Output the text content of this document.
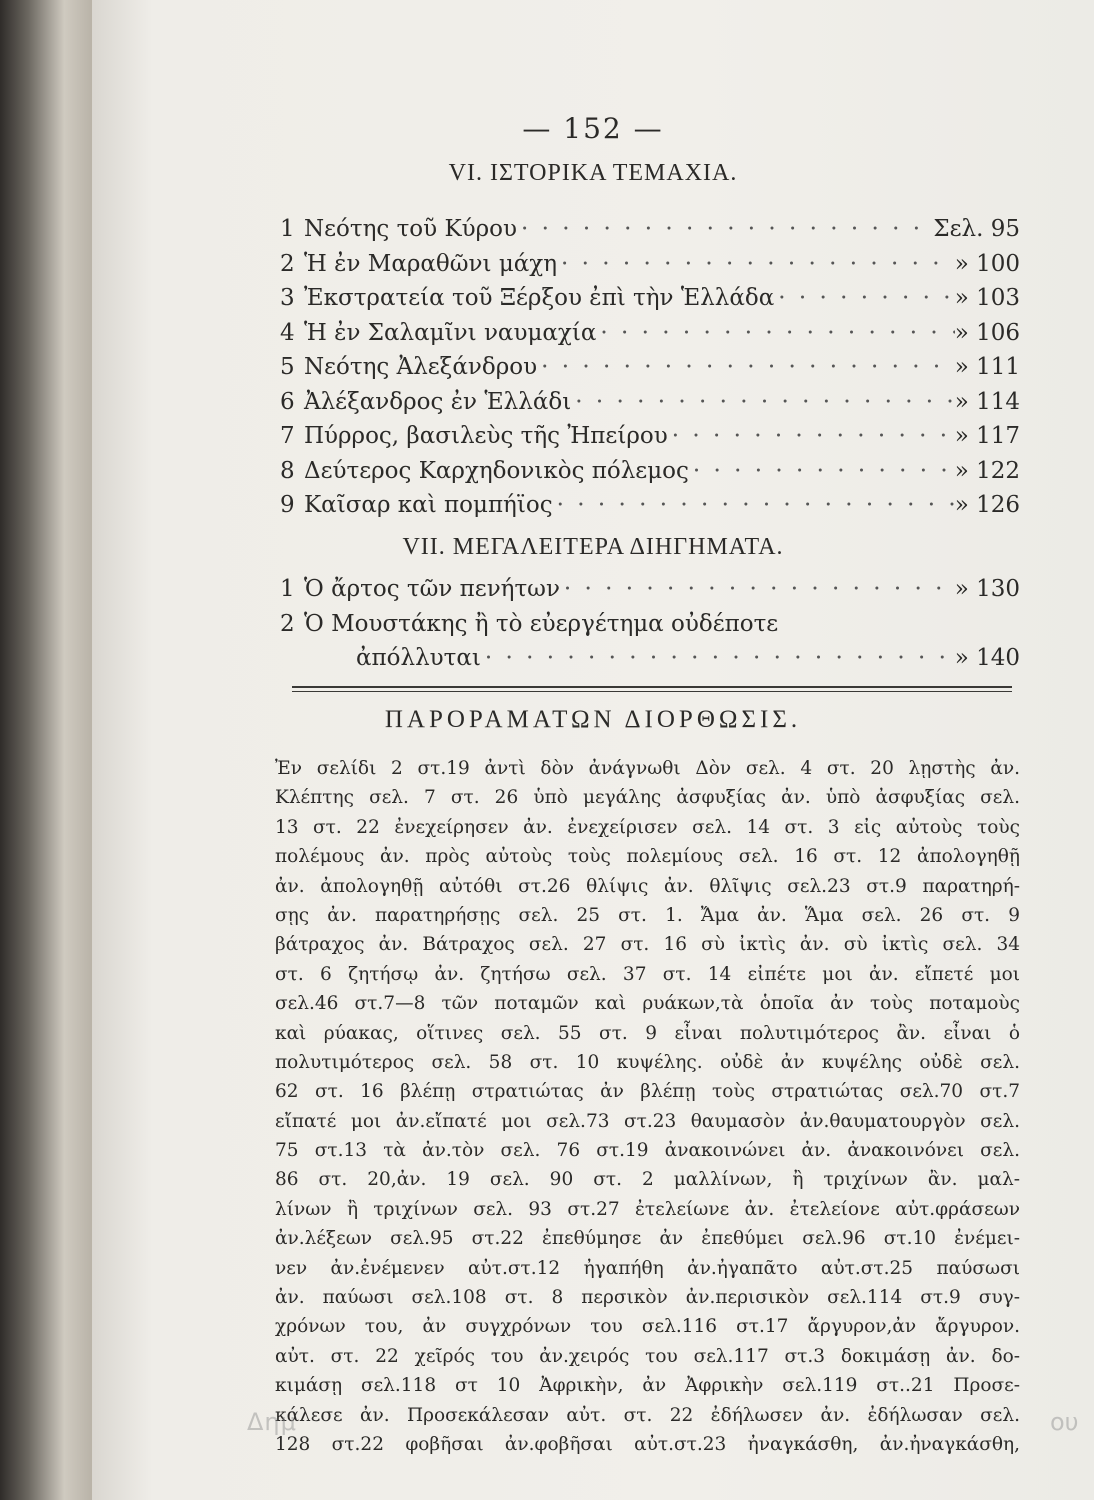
— 152 —
VI. ΙΣΤΟΡΙΚΑ ΤΕΜΑΧΙΑ.
1 Νεότης τοῦ Κύρου · · ·	Σελ. 95
2 Ἡ ἐν Μαραθῶνι μάχη · · ·	» 100
3 Ἐκστρατεία τοῦ Ξέρξου ἐπὶ τὴν Ἑλλάδα · · ·	» 103
4 Ἡ ἐν Σαλαμῖνι ναυμαχία · · ·	» 106
5 Νεότης Ἀλεξάνδρου · · ·	» 111
6 Ἀλέξανδρος ἐν Ἑλλάδι · · ·	» 114
7 Πύρρος, βασιλεὺς τῆς Ἠπείρου · · ·	» 117
8 Δεύτερος Καρχηδονικὸς πόλεμος · · ·	» 122
9 Καῖσαρ καὶ πομπήϊος · · ·	» 126
VII. ΜΕΓΑΛΕΙΤΕΡΑ ΔΙΗΓΗΜΑΤΑ.
1 Ὁ ἄρτος τῶν πενήτων · · ·	» 130
2 Ὁ Μουστάκης ἢ τὸ εὐεργέτημα οὐδέποτε
ἀπόλλυται · · ·	» 140
ΠΑΡΟΡΑΜΑΤΩΝ ΔΙΟΡΘΩΣΙΣ.
Ἐν σελίδι 2 στ.19 ἀντὶ δὸν ἀνάγνωθι Δὸν σελ. 4 στ. 20 λῃστὴς ἀν.
Κλέπτης σελ. 7 στ. 26 ὑπὸ μεγάλης ἀσφυξίας ἀν. ὑπὸ ἀσφυξίας σελ.
13 στ. 22 ἐνεχείρησεν ἀν. ἐνεχείρισεν σελ. 14 στ. 3 εἰς αὐτοὺς τοὺς
πολέμους ἀν. πρὸς αὐτοὺς τοὺς πολεμίους σελ. 16 στ. 12 ἀπολογηθῇ
ἀν. ἀπολογηθῇ αὐτόθι στ.26 θλίψις ἀν. θλῖψις σελ.23 στ.9 παρατηρή-
σῃς ἀν. παρατηρήσῃς σελ. 25 στ. 1. Ἄμα ἀν. Ἅμα σελ. 26 στ. 9
βάτραχος ἀν. Βάτραχος σελ. 27 στ. 16 σὺ ἰκτὶς ἀν. σὺ ἰκτὶς σελ. 34
στ. 6 ζητήσῳ ἀν. ζητήσω σελ. 37 στ. 14 εἰπέτε μοι ἀν. εἴπετέ μοι
σελ.46 στ.7—8 τῶν ποταμῶν καὶ ρυάκων,τὰ ὁποῖα ἀν τοὺς ποταμοὺς
καὶ ρύακας, οἵτινες σελ. 55 στ. 9 εἶναι πολυτιμότερος ἂν. εἶναι ὁ
πολυτιμότερος σελ. 58 στ. 10 κυψέλης. οὐδὲ ἀν κυψέλης οὐδὲ σελ.
62 στ. 16 βλέπῃ στρατιώτας ἀν βλέπῃ τοὺς στρατιώτας σελ.70 στ.7
εἴπατέ μοι ἀν.εἴπατέ μοι σελ.73 στ.23 θαυμασὸν ἀν.θαυματουργὸν σελ.
75 στ.13 τὰ ἀν.τὸν σελ. 76 στ.19 ἀνακοινώνει ἀν. ἀνακοινόνει σελ.
86 στ. 20,ἀν. 19 σελ. 90 στ. 2 μαλλίνων, ἢ τριχίνων ἂν. μαλ-
λίνων ἢ τριχίνων σελ. 93 στ.27 ἐτελείωνε ἀν. ἐτελείονε αὐτ.φράσεων
ἀν.λέξεων σελ.95 στ.22 ἐπεθύμησε ἀν ἐπεθύμει σελ.96 στ.10 ἐνέμει-
νεν ἀν.ἐνέμενεν αὐτ.στ.12 ἠγαπήθη ἀν.ἠγαπᾶτο αὐτ.στ.25 παύσωσι
ἀν. παύωσι σελ.108 στ. 8 περσικὸν ἀν.περισικὸν σελ.114 στ.9 συγ-
χρόνων του, ἀν συγχρόνων του σελ.116 στ.17 ἄργυρον,ἀν ἄργυρον.
αὐτ. στ. 22 χεῖρός του ἀν.χειρός του σελ.117 στ.3 δοκιμάσῃ ἀν. δο-
κιμάσῃ σελ.118 στ 10 Ἀφρικὴν, ἀν Ἀφρικὴν σελ.119 στ..21 Προσε-
κάλεσε ἀν. Προσεκάλεσαν αὐτ. στ. 22 ἐδήλωσεν ἀν. ἐδήλωσαν σελ.
128 στ.22 φοβῆσαι ἀν.φοβῆσαι αὐτ.στ.23 ἠναγκάσθη, ἀν.ἠναγκάσθη,
Δημ	ου
